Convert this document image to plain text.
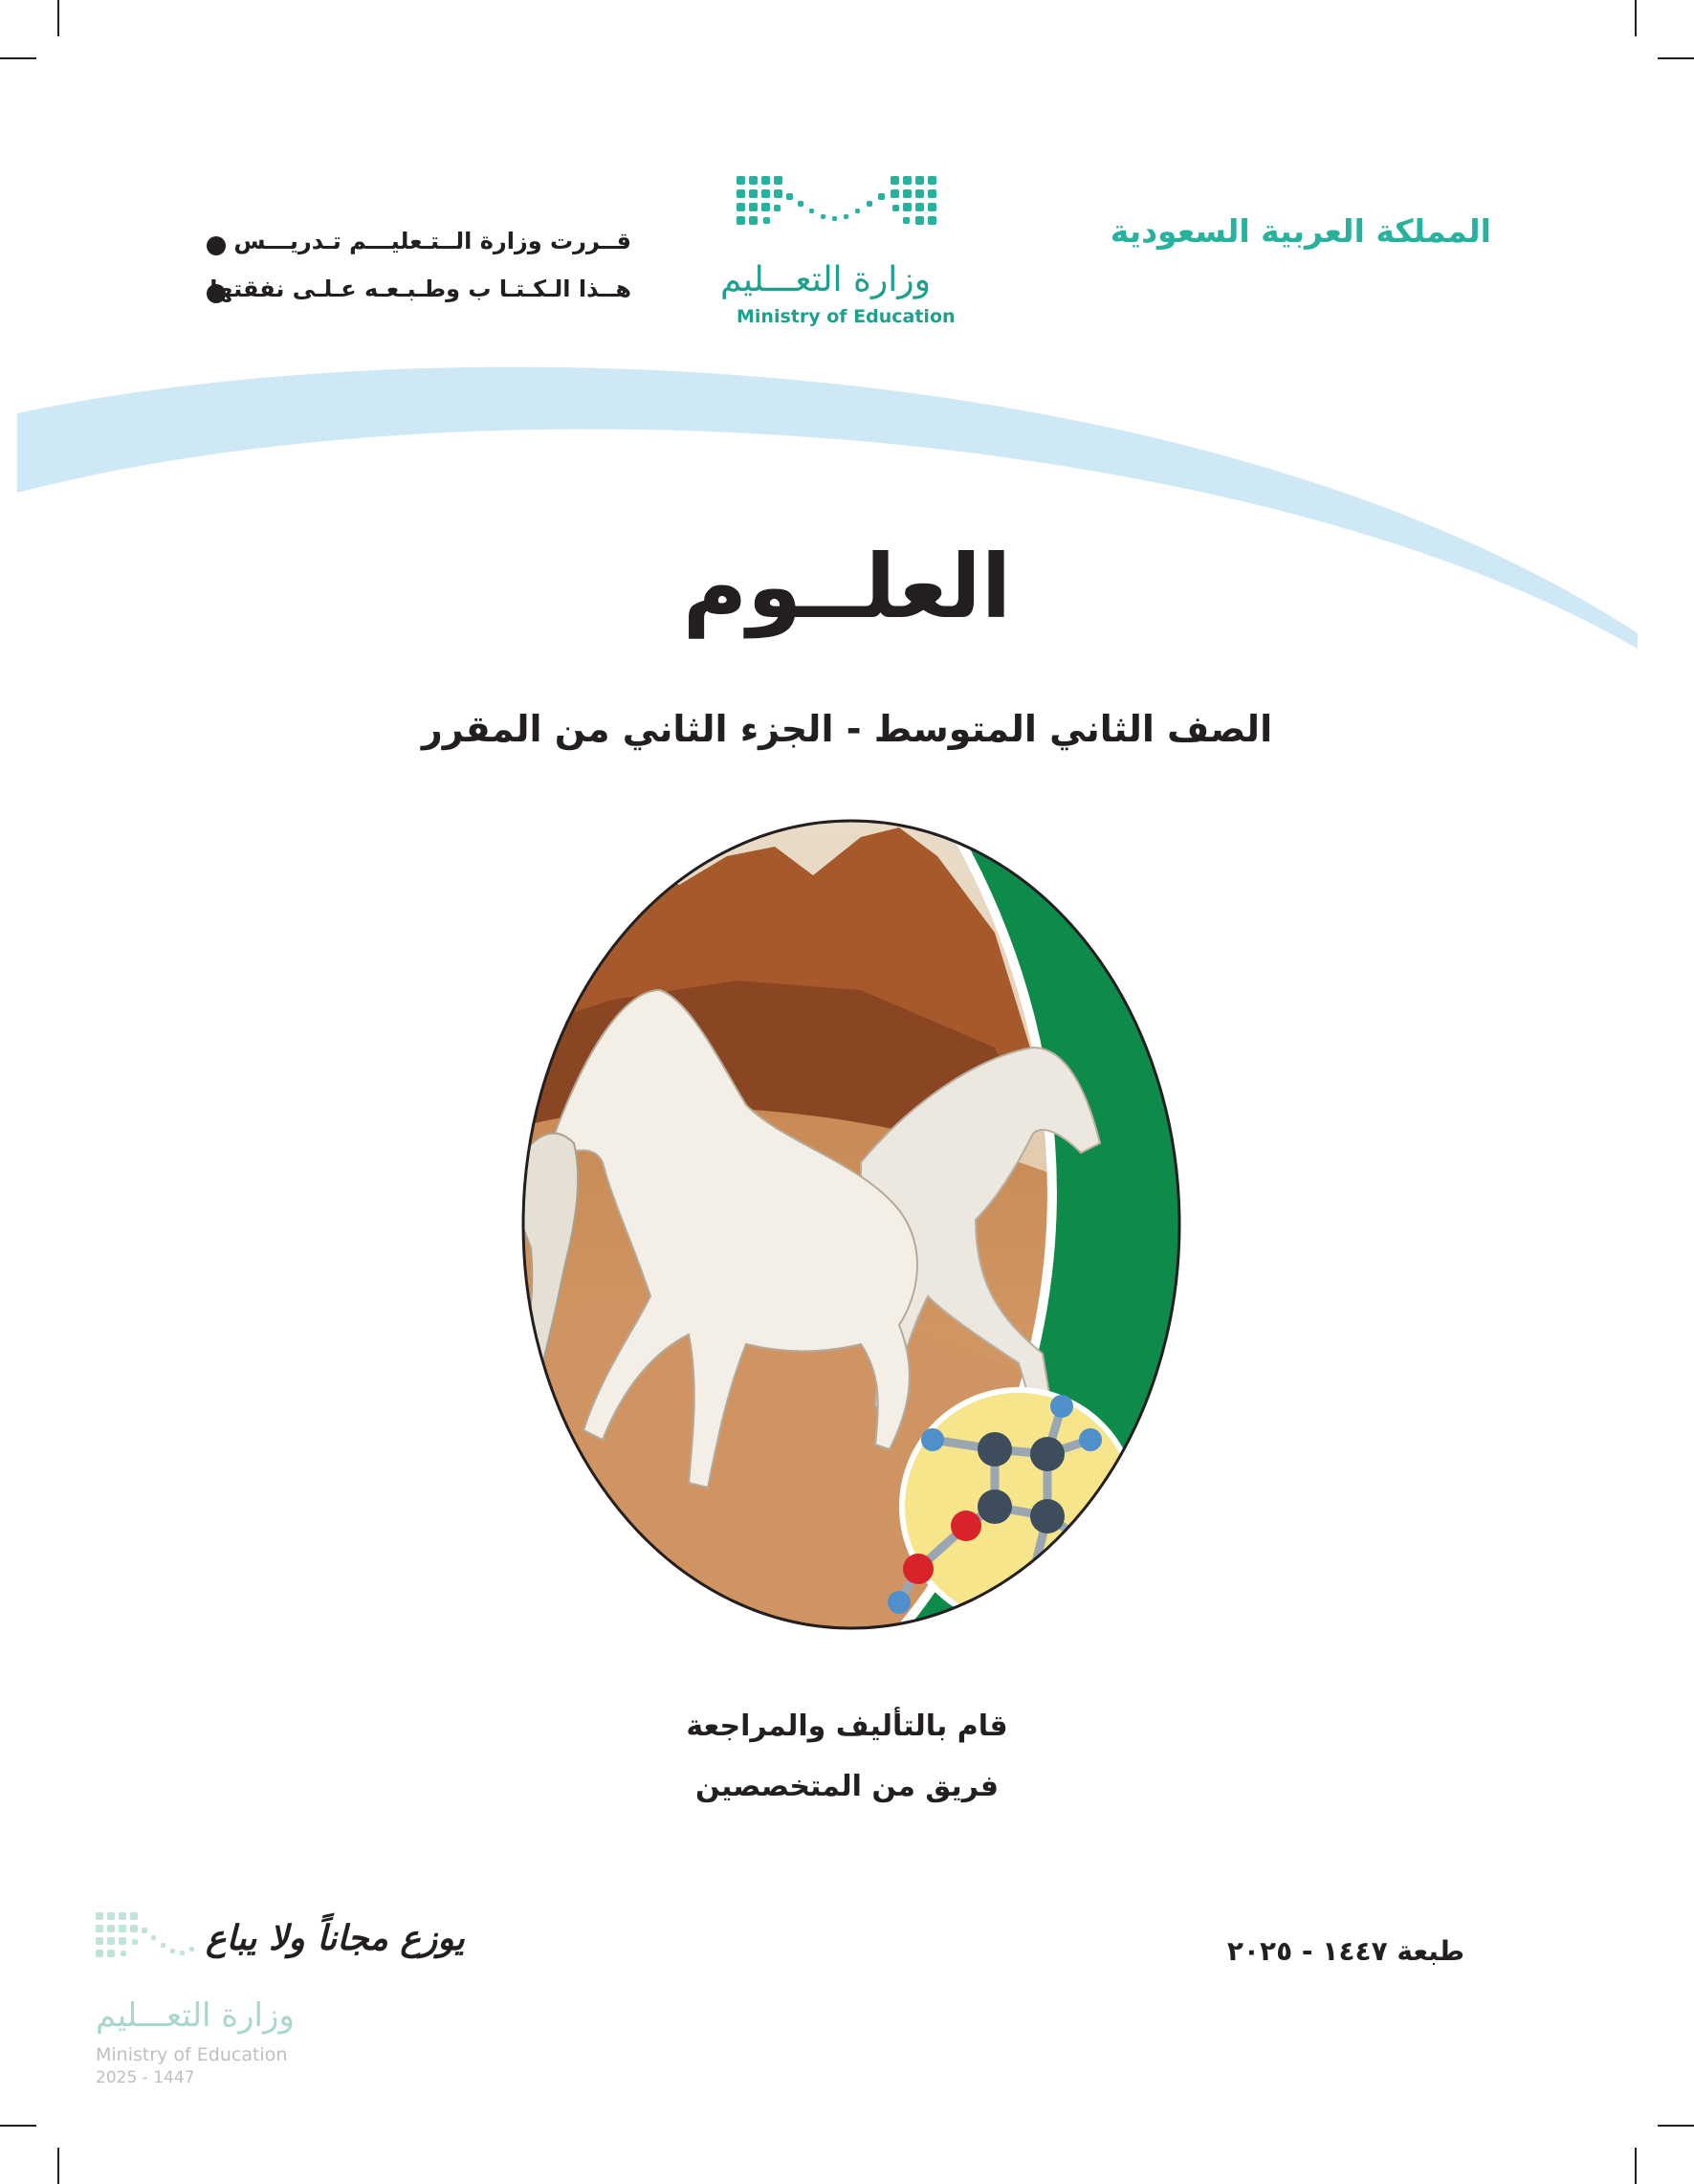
المملكة العربية السعودية
وزارة التعـــليم
Ministry of Education
قــررت وزارة الــتـعليـــم تـدريـــس
هــذا الـكـتـا ب وطـبـعـه عـلـى نفقتها
العلــوم
الصف الثاني المتوسط - الجزء الثاني من المقرر
قام بالتأليف والمراجعة
فريق من المتخصصين
طبعة ١٤٤٧ - ٢٠٢٥
يوزع مجاناً ولا يباع
وزارة التعـــليم
Ministry of Education
2025 - 1447
